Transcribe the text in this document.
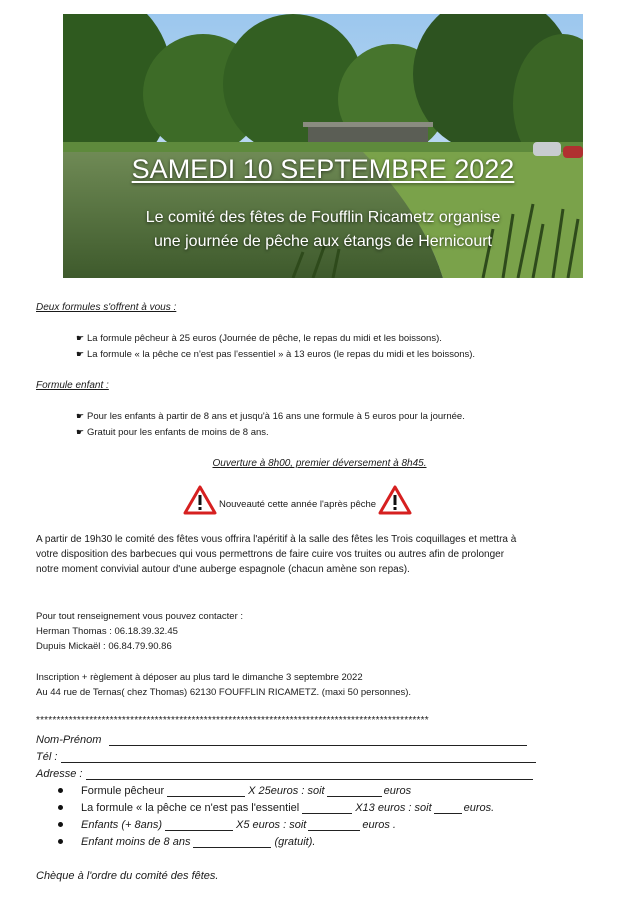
SAMEDI 10 SEPTEMBRE 2022
Le comité des fêtes de Foufflin Ricametz organise
une journée de pêche aux étangs de Hernicourt
Deux formules s'offrent à vous :
☛ La formule pêcheur à 25 euros (Journée de pêche, le repas du midi et les boissons).
☛ La formule « la pêche ce n'est pas l'essentiel » à 13 euros (le repas du midi et les boissons).
Formule enfant :
☛ Pour les enfants à partir de 8 ans et jusqu'à 16 ans une formule à 5 euros pour la journée.
☛ Gratuit pour les enfants de moins de 8 ans.
Ouverture à 8h00, premier déversement à 8h45.
Nouveauté cette année l'après pêche
A partir de 19h30 le comité des fêtes vous offrira l'apéritif à la salle des fêtes les Trois coquillages et mettra à
votre disposition des barbecues qui vous permettrons de faire cuire vos truites ou autres afin de prolonger
notre moment convivial autour d'une auberge espagnole (chacun amène son repas).
Pour tout renseignement vous pouvez contacter :
Herman Thomas : 06.18.39.32.45
Dupuis Mickaël : 06.84.79.90.86
Inscription + règlement à déposer au plus tard le dimanche 3 septembre 2022
Au 44 rue de Ternas( chez Thomas) 62130 FOUFFLIN RICAMETZ. (maxi 50 personnes).
************************************************************************************************
Nom-Prénom
Tél :
Adresse :
Formule pêcheur	X 25euros : soit	euros
La formule « la pêche ce n'est pas l'essentiel	X13 euros : soit	euros.
Enfants (+ 8ans)	X5 euros : soit	euros .
Enfant moins de 8 ans	(gratuit).
Chèque à l'ordre du comité des fêtes.
